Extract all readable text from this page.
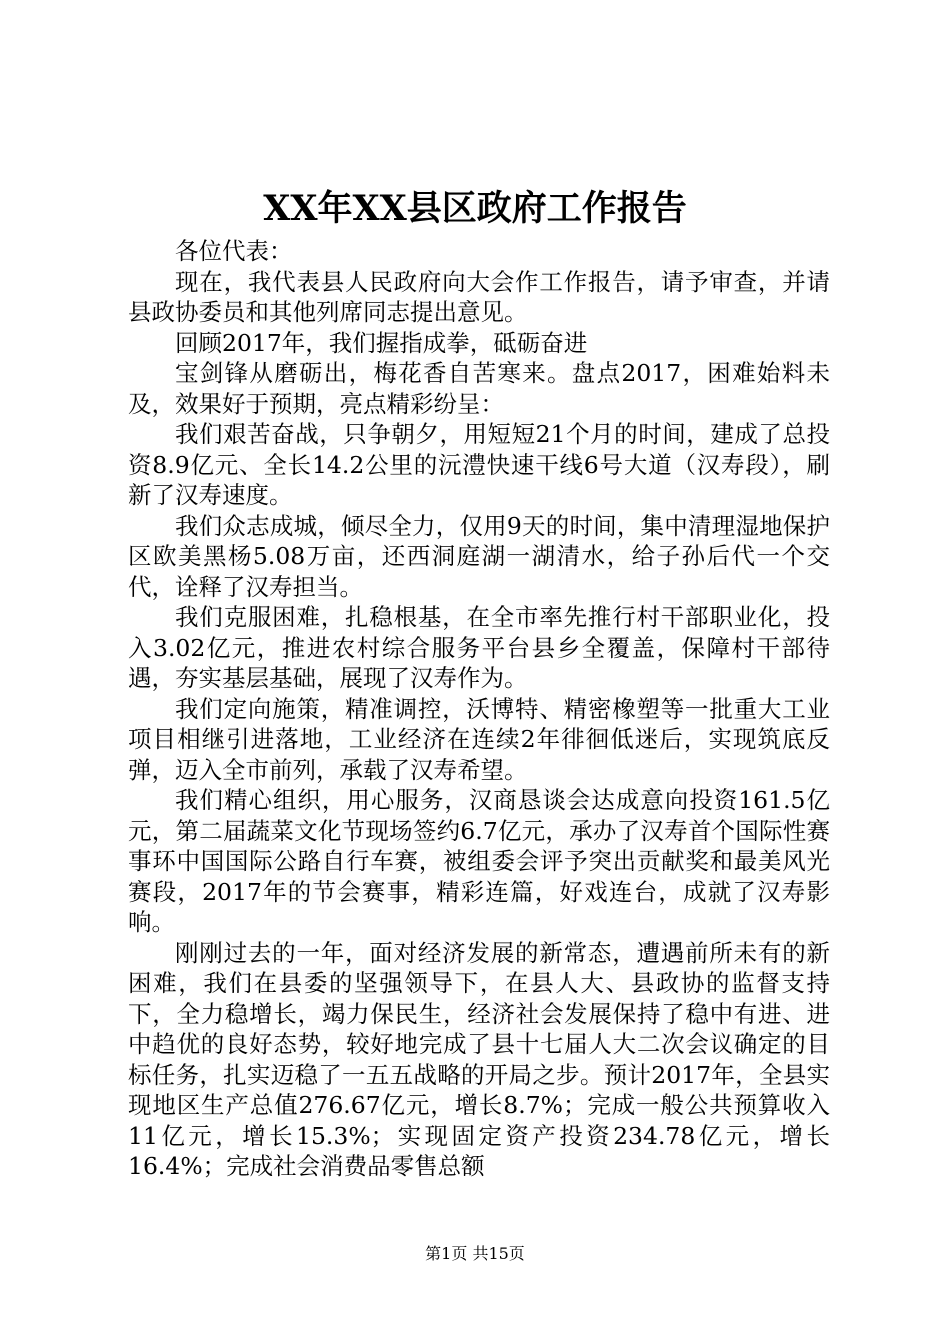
XX年XX县区政府工作报告

各位代表：

现在，我代表县人民政府向大会作工作报告，请予审查，并请县政协委员和其他列席同志提出意见。

回顾2017年，我们握指成拳，砥砺奋进

宝剑锋从磨砺出，梅花香自苦寒来。盘点2017，困难始料未及，效果好于预期，亮点精彩纷呈：

我们艰苦奋战，只争朝夕，用短短21个月的时间，建成了总投资8.9亿元、全长14.2公里的沅澧快速干线6号大道（汉寿段），刷新了汉寿速度。

我们众志成城，倾尽全力，仅用9天的时间，集中清理湿地保护区欧美黑杨5.08万亩，还西洞庭湖一湖清水，给子孙后代一个交代，诠释了汉寿担当。

我们克服困难，扎稳根基，在全市率先推行村干部职业化，投入3.02亿元，推进农村综合服务平台县乡全覆盖，保障村干部待遇，夯实基层基础，展现了汉寿作为。

我们定向施策，精准调控，沃博特、精密橡塑等一批重大工业项目相继引进落地，工业经济在连续2年徘徊低迷后，实现筑底反弹，迈入全市前列，承载了汉寿希望。

我们精心组织，用心服务，汉商恳谈会达成意向投资161.5亿元，第二届蔬菜文化节现场签约6.7亿元，承办了汉寿首个国际性赛事环中国国际公路自行车赛，被组委会评予突出贡献奖和最美风光赛段，2017年的节会赛事，精彩连篇，好戏连台，成就了汉寿影响。

刚刚过去的一年，面对经济发展的新常态，遭遇前所未有的新困难，我们在县委的坚强领导下，在县人大、县政协的监督支持下，全力稳增长，竭力保民生，经济社会发展保持了稳中有进、进中趋优的良好态势，较好地完成了县十七届人大二次会议确定的目标任务，扎实迈稳了一五五战略的开局之步。预计2017年，全县实现地区生产总值276.67亿元，增长8.7%；完成一般公共预算收入11亿元，增长15.3%；实现固定资产投资234.78亿元，增长16.4%；完成社会消费品零售总额

第1页 共15页
